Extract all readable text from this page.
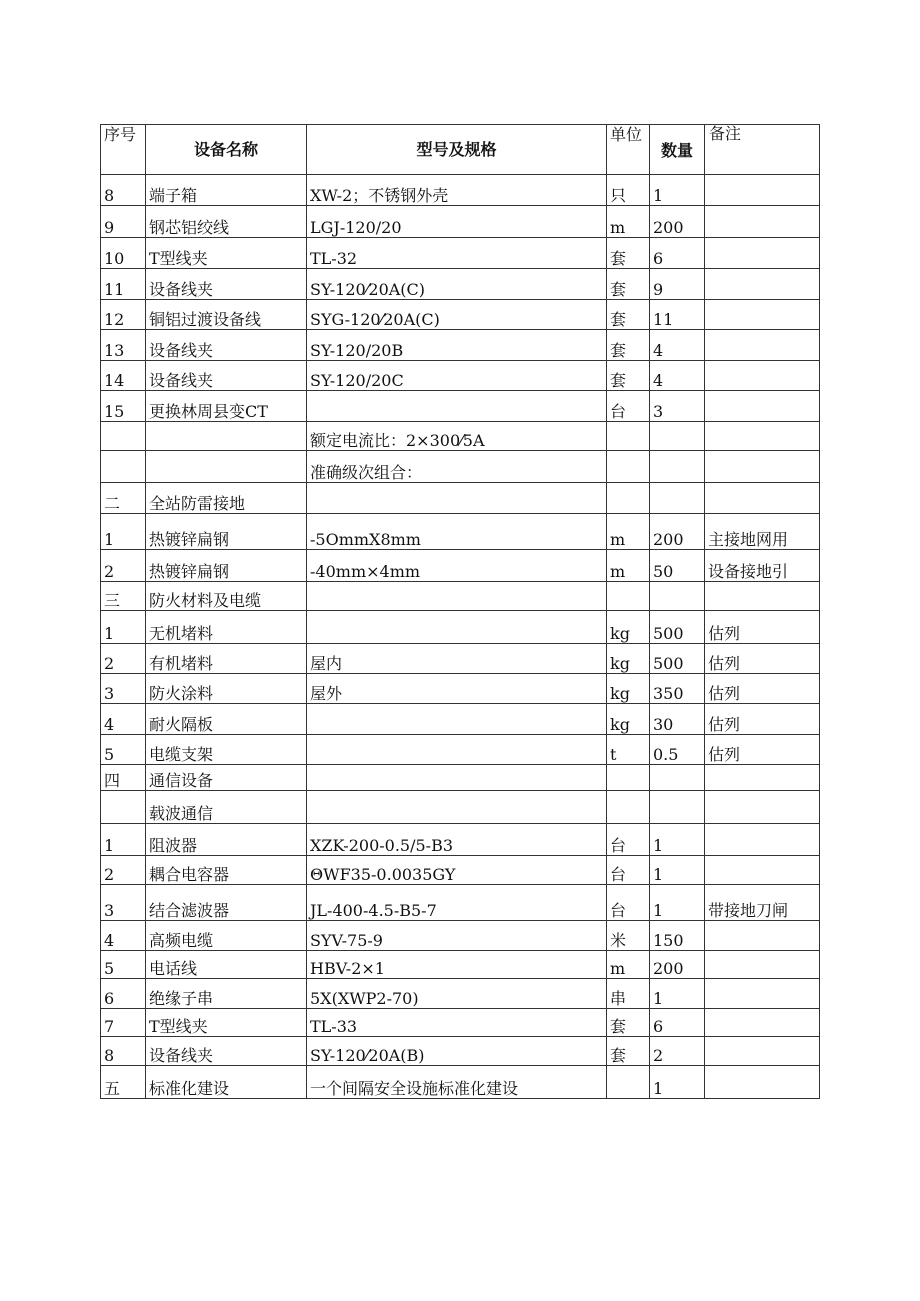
序号	设备名称	型号及规格	单位	数量	备注
8	端子箱	XW-2；不锈钢外壳	只	1	
9	钢芯铝绞线	LGJ-120/20	m	200	
10	T型线夹	TL-32	套	6	
11	设备线夹	SY-120⁄20A(C)	套	9	
12	铜铝过渡设备线	SYG-120⁄20A(C)	套	11	
13	设备线夹	SY-120/20B	套	4	
14	设备线夹	SY-120/20C	套	4	
15	更换林周县变CT		台	3	
		额定电流比：2×300⁄5A			
		准确级次组合：			
二	全站防雷接地				
1	热镀锌扁钢	-5OmmX8mm	m	200	主接地网用
2	热镀锌扁钢	-40mm×4mm	m	50	设备接地引
三	防火材料及电缆				
1	无机堵料		kg	500	估列
2	有机堵料	屋内	kg	500	估列
3	防火涂料	屋外	kg	350	估列
4	耐火隔板		kg	30	估列
5	电缆支架		t	0.5	估列
四	通信设备				
	载波通信				
1	阻波器	XZK-200-0.5/5-B3	台	1	
2	耦合电容器	ΘWF35-0.0035GY	台	1	
3	结合滤波器	JL-400-4.5-B5-7	台	1	带接地刀闸
4	高频电缆	SYV-75-9	米	150	
5	电话线	HBV-2×1	m	200	
6	绝缘子串	5X(XWP2-70)	串	1	
7	T型线夹	TL-33	套	6	
8	设备线夹	SY-120⁄20A(B)	套	2	
五	标准化建设	一个间隔安全设施标准化建设		1	
